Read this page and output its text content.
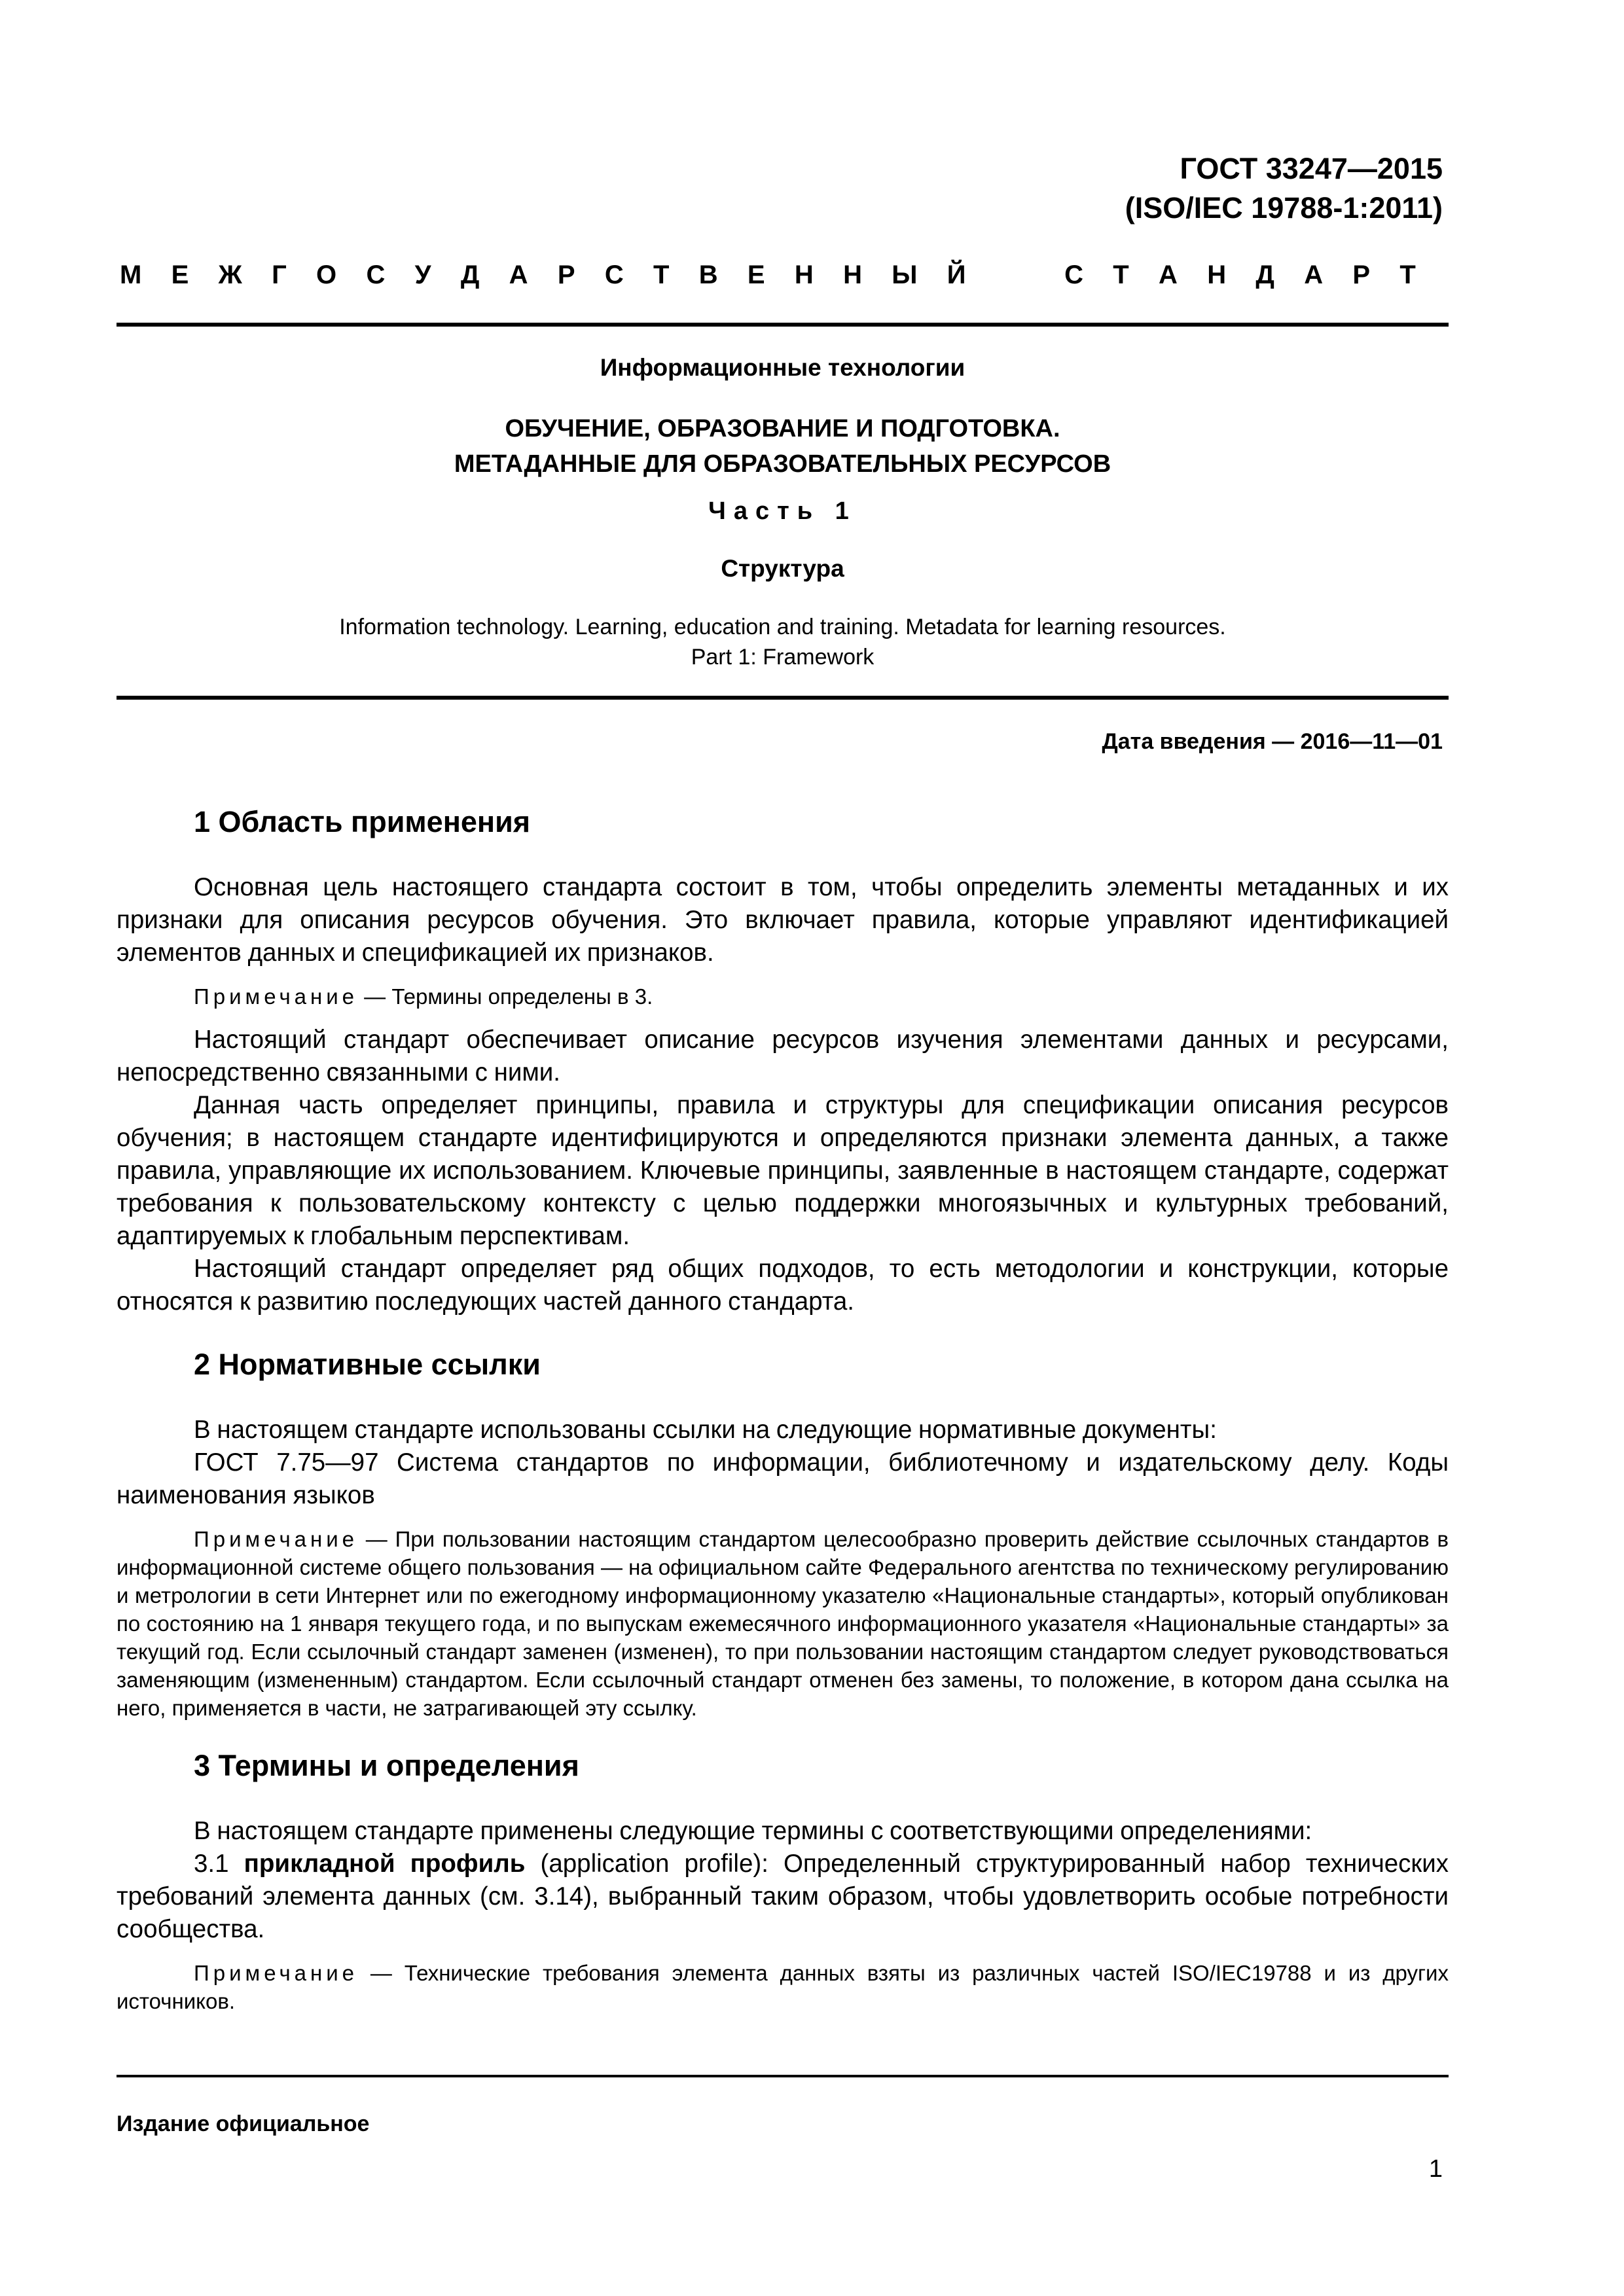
ГОСТ 33247—2015
(ISO/IEC 19788-1:2011)
М Е Ж Г О С У Д А Р С Т В Е Н Н Ы Й	С Т А Н Д А Р Т
Информационные технологии
ОБУЧЕНИЕ, ОБРАЗОВАНИЕ И ПОДГОТОВКА.
МЕТАДАННЫЕ ДЛЯ ОБРАЗОВАТЕЛЬНЫХ РЕСУРСОВ
Часть 1
Структура
Information technology. Learning, education and training. Metadata for learning resources.
Part 1: Framework
Дата введения — 2016—11—01
1 Область применения

Основная цель настоящего стандарта состоит в том, чтобы определить элементы метаданных и их признаки для описания ресурсов обучения. Это включает правила, которые управляют идентификацией элементов данных и спецификацией их признаков.

Примечание — Термины определены в 3.

Настоящий стандарт обеспечивает описание ресурсов изучения элементами данных и ресурсами, непосредственно связанными с ними.

Данная часть определяет принципы, правила и структуры для спецификации описания ресурсов обучения; в настоящем стандарте идентифицируются и определяются признаки элемента данных, а также правила, управляющие их использованием. Ключевые принципы, заявленные в настоящем стандарте, содержат требования к пользовательскому контексту с целью поддержки многоязычных и культурных требований, адаптируемых к глобальным перспективам.

Настоящий стандарт определяет ряд общих подходов, то есть методологии и конструкции, которые относятся к развитию последующих частей данного стандарта.

2 Нормативные ссылки

В настоящем стандарте использованы ссылки на следующие нормативные документы:

ГОСТ 7.75—97 Система стандартов по информации, библиотечному и издательскому делу. Коды наименования языков

Примечание — При пользовании настоящим стандартом целесообразно проверить действие ссылочных стандартов в информационной системе общего пользования — на официальном сайте Федерального агентства по техническому регулированию и метрологии в сети Интернет или по ежегодному информационному указателю «Национальные стандарты», который опубликован по состоянию на 1 января текущего года, и по выпускам ежемесячного информационного указателя «Национальные стандарты» за текущий год. Если ссылочный стандарт заменен (изменен), то при пользовании настоящим стандартом следует руководствоваться заменяющим (измененным) стандартом. Если ссылочный стандарт отменен без замены, то положение, в котором дана ссылка на него, применяется в части, не затрагивающей эту ссылку.

3 Термины и определения

В настоящем стандарте применены следующие термины с соответствующими определениями:

3.1 прикладной профиль (application profile): Определенный структурированный набор технических требований элемента данных (см. 3.14), выбранный таким образом, чтобы удовлетворить особые потребности сообщества.

Примечание — Технические требования элемента данных взяты из различных частей ISO/IEC19788 и из других источников.

Издание официальное
1
